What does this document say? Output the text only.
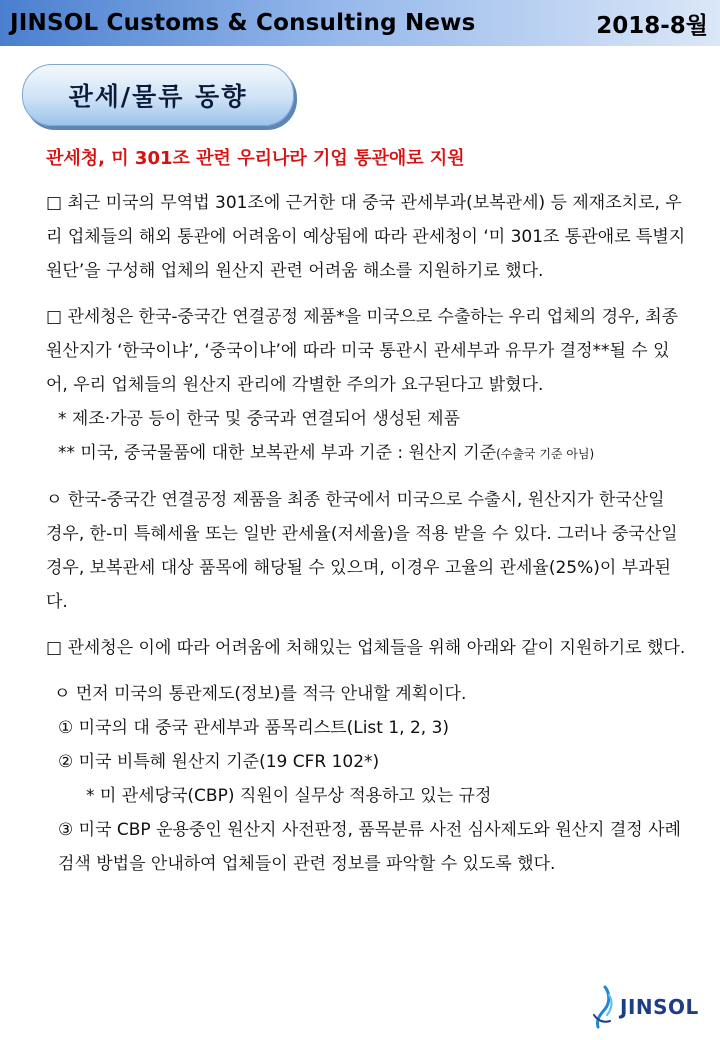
JINSOL Customs & Consulting News	2018-8월
관세/물류 동향

관세청, 미 301조 관련 우리나라 기업 통관애로 지원

□ 최근 미국의 무역법 301조에 근거한 대 중국 관세부과(보복관세) 등 제재조치로, 우리 업체들의 해외 통관에 어려움이 예상됨에 따라 관세청이 ‘미 301조 통관애로 특별지원단’을 구성해 업체의 원산지 관련 어려움 해소를 지원하기로 했다.

□ 관세청은 한국-중국간 연결공정 제품*을 미국으로 수출하는 우리 업체의 경우, 최종 원산지가 ‘한국이냐’, ‘중국이냐’에 따라 미국 통관시 관세부과 유무가 결정**될 수 있어, 우리 업체들의 원산지 관리에 각별한 주의가 요구된다고 밝혔다.

* 제조·가공 등이 한국 및 중국과 연결되어 생성된 제품

** 미국, 중국물품에 대한 보복관세 부과 기준 : 원산지 기준(수출국 기준 아님)

ㅇ 한국-중국간 연결공정 제품을 최종 한국에서 미국으로 수출시, 원산지가 한국산일 경우, 한-미 특혜세율 또는 일반 관세율(저세율)을 적용 받을 수 있다. 그러나 중국산일 경우, 보복관세 대상 품목에 해당될 수 있으며, 이경우 고율의 관세율(25%)이 부과된다.

□ 관세청은 이에 따라 어려움에 처해있는 업체들을 위해 아래와 같이 지원하기로 했다.

ㅇ 먼저 미국의 통관제도(정보)를 적극 안내할 계획이다.

① 미국의 대 중국 관세부과 품목리스트(List 1, 2, 3)

② 미국 비특혜 원산지 기준(19 CFR 102*)

* 미 관세당국(CBP) 직원이 실무상 적용하고 있는 규정

③ 미국 CBP 운용중인 원산지 사전판정, 품목분류 사전 심사제도와 원산지 결정 사례 검색 방법을 안내하여 업체들이 관련 정보를 파악할 수 있도록 했다.

JINSOL
